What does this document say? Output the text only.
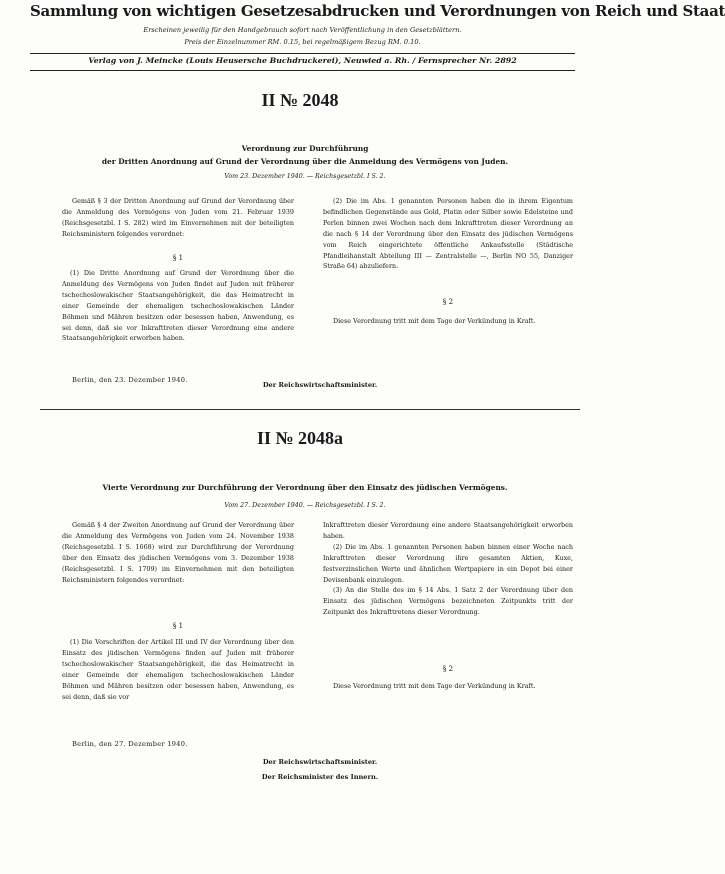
Sammlung von wichtigen Gesetzesabdrucken und Verordnungen von Reich und Staat
Erscheinen jeweilig für den Handgebrauch sofort nach Veröffentlichung in den Gesetzblättern.
Preis der Einzelnummer RM. 0.15, bei regelmäßigem Bezug RM. 0.10.
Verlag von J. Meincke (Louis Heusersche Buchdruckerei), Neuwied a. Rh. / Fernsprecher Nr. 2892
II № 2048
Verordnung zur Durchführung
der Dritten Anordnung auf Grund der Verordnung über die Anmeldung des Vermögens von Juden.
Vom 23. Dezember 1940. — Reichsgesetzbl. I S. 2.

Gemäß § 3 der Dritten Anordnung auf Grund der Verordnung über die Anmeldung des Vermögens von Juden vom 21. Februar 1939 (Reichsgesetzbl. I S. 282) wird im Einvernehmen mit der beteiligten Reichsministern folgendes verordnet:

§ 1

(1) Die Dritte Anordnung auf Grund der Verordnung über die Anmeldung des Vermögens von Juden findet auf Juden mit früherer tschechoslowakischer Staatsangehörigkeit, die das Heimatrecht in einer Gemeinde der ehemaligen tschechoslowakischen Länder Böhmen und Mähren besitzen oder besessen haben, Anwendung, es sei denn, daß sie vor Inkrafttreten dieser Verordnung eine andere Staatsangehörigkeit erworben haben.

Berlin, den 23. Dezember 1940.
Der Reichswirtschaftsminister.

(2) Die im Abs. 1 genannten Personen haben die in ihrem Eigentum befindlichen Gegenstände aus Gold, Platin oder Silber sowie Edelsteine und Perlen binnen zwei Wochen nach dem Inkrafttreten dieser Verordnung an die nach § 14 der Verordnung über den Einsatz des jüdischen Vermögens vom Reich eingerichtete öffentliche Ankaufsstelle (Städtische Pfandleihanstalt Abteilung III — Zentralstelle —, Berlin NO 55, Danziger Straße 64) abzuliefern.

§ 2

Diese Verordnung tritt mit dem Tage der Verkündung in Kraft.

II № 2048a
Vierte Verordnung zur Durchführung der Verordnung über den Einsatz des jüdischen Vermögens.
Vom 27. Dezember 1940. — Reichsgesetzbl. I S. 2.

Gemäß § 4 der Zweiten Anordnung auf Grund der Verordnung über die Anmeldung des Vermögens von Juden vom 24. November 1938 (Reichsgesetzbl. I S. 1668) wird zur Durchführung der Verordnung über den Einsatz des jüdischen Vermögens vom 3. Dezember 1938 (Reichsgesetzbl. I S. 1709) im Einvernehmen mit den beteiligten Reichsministern folgendes verordnet:

§ 1

(1) Die Vorschriften der Artikel III und IV der Verordnung über den Einsatz des jüdischen Vermögens finden auf Juden mit früherer tschechoslowakischer Staatsangehörigkeit, die das Heimatrecht in einer Gemeinde der ehemaligen tschechoslowakischen Länder Böhmen und Mähren besitzen oder besessen haben, Anwendung, es sei denn, daß sie vor

Inkrafttreten dieser Verordnung eine andere Staatsangehörigkeit erworben haben.

(2) Die im Abs. 1 genannten Personen haben binnen einer Woche nach Inkrafttreten dieser Verordnung ihre gesamten Aktien, Kuxe, festverzinslichen Werte und ähnlichen Wertpapiere in ein Depot bei einer Devisenbank einzulegen.

(3) An die Stelle des im § 14 Abs. 1 Satz 2 der Verordnung über den Einsatz des jüdischen Vermögens bezeichneten Zeitpunkts tritt der Zeitpunkt des Inkrafttretens dieser Verordnung.

§ 2

Diese Verordnung tritt mit dem Tage der Verkündung in Kraft.

Berlin, den 27. Dezember 1940.
Der Reichswirtschaftsminister.
Der Reichsminister des Innern.
